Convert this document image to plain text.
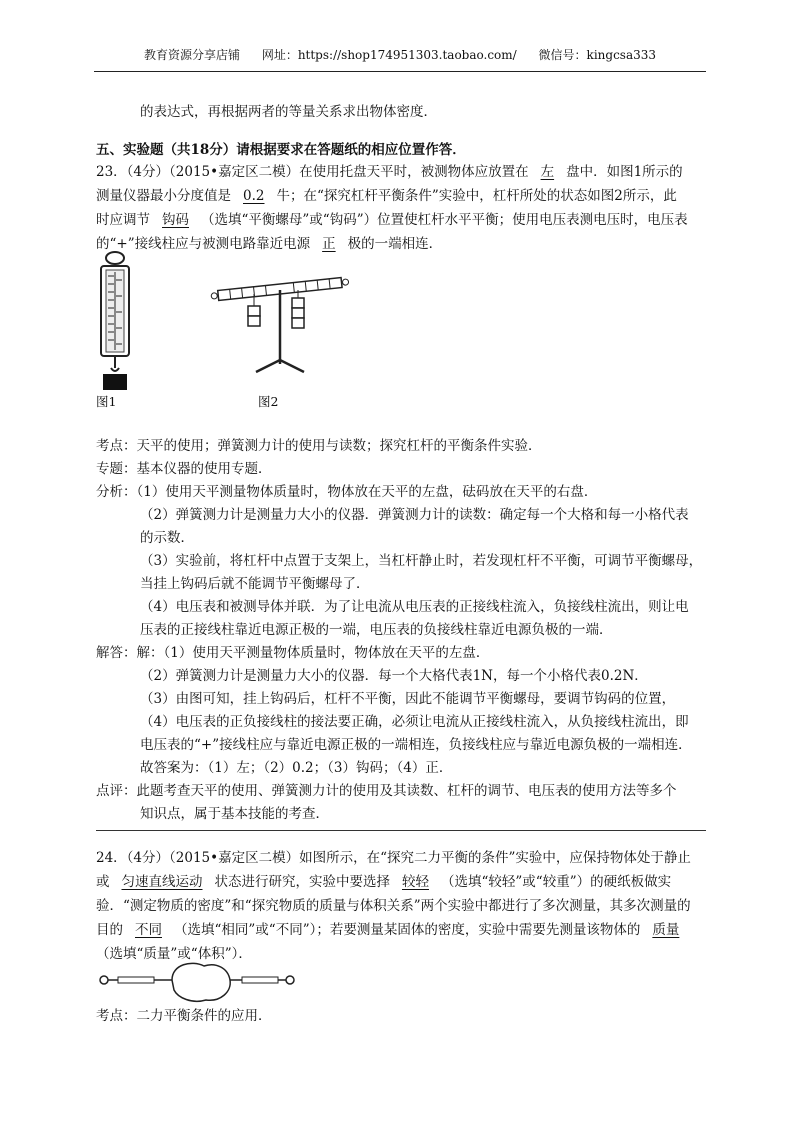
教育资源分享店铺 网址：https://shop174951303.taobao.com/ 微信号：kingcsa333
的表达式，再根据两者的等量关系求出物体密度．
五、实验题（共18分）请根据要求在答题纸的相应位置作答．
23．（4分）（2015•嘉定区二模）在使用托盘天平时，被测物体应放置在 左 盘中．如图1所示的
测量仪器最小分度值是 0.2 牛；在“探究杠杆平衡条件”实验中，杠杆所处的状态如图2所示，此
时应调节 钩码 （选填“平衡螺母”或“钩码”）位置使杠杆水平平衡；使用电压表测电压时，电压表
的“+”接线柱应与被测电路靠近电源 正 极的一端相连．
图1	图2
考点：天平的使用；弹簧测力计的使用与读数；探究杠杆的平衡条件实验．
专题：基本仪器的使用专题．
分析：（1）使用天平测量物体质量时，物体放在天平的左盘，砝码放在天平的右盘．
（2）弹簧测力计是测量力大小的仪器．弹簧测力计的读数：确定每一个大格和每一小格代表
的示数．
（3）实验前，将杠杆中点置于支架上，当杠杆静止时，若发现杠杆不平衡，可调节平衡螺母，
当挂上钩码后就不能调节平衡螺母了．
（4）电压表和被测导体并联．为了让电流从电压表的正接线柱流入，负接线柱流出，则让电
压表的正接线柱靠近电源正极的一端，电压表的负接线柱靠近电源负极的一端．
解答：解：（1）使用天平测量物体质量时，物体放在天平的左盘．
（2）弹簧测力计是测量力大小的仪器．每一个大格代表1N，每一个小格代表0.2N．
（3）由图可知，挂上钩码后，杠杆不平衡，因此不能调节平衡螺母，要调节钩码的位置，
（4）电压表的正负接线柱的接法要正确，必须让电流从正接线柱流入，从负接线柱流出，即
电压表的“+”接线柱应与靠近电源正极的一端相连，负接线柱应与靠近电源负极的一端相连．
故答案为：（1）左；（2）0.2；（3）钩码；（4）正．
点评：此题考查天平的使用、弹簧测力计的使用及其读数、杠杆的调节、电压表的使用方法等多个
知识点，属于基本技能的考查．
24．（4分）（2015•嘉定区二模）如图所示，在“探究二力平衡的条件”实验中，应保持物体处于静止
或 匀速直线运动 状态进行研究，实验中要选择 较轻 （选填“较轻”或“较重”）的硬纸板做实
验．“测定物质的密度”和“探究物质的质量与体积关系”两个实验中都进行了多次测量，其多次测量的
目的 不同 （选填“相同”或“不同”）；若要测量某固体的密度，实验中需要先测量该物体的 质量
（选填“质量”或“体积”）．
考点：二力平衡条件的应用．
